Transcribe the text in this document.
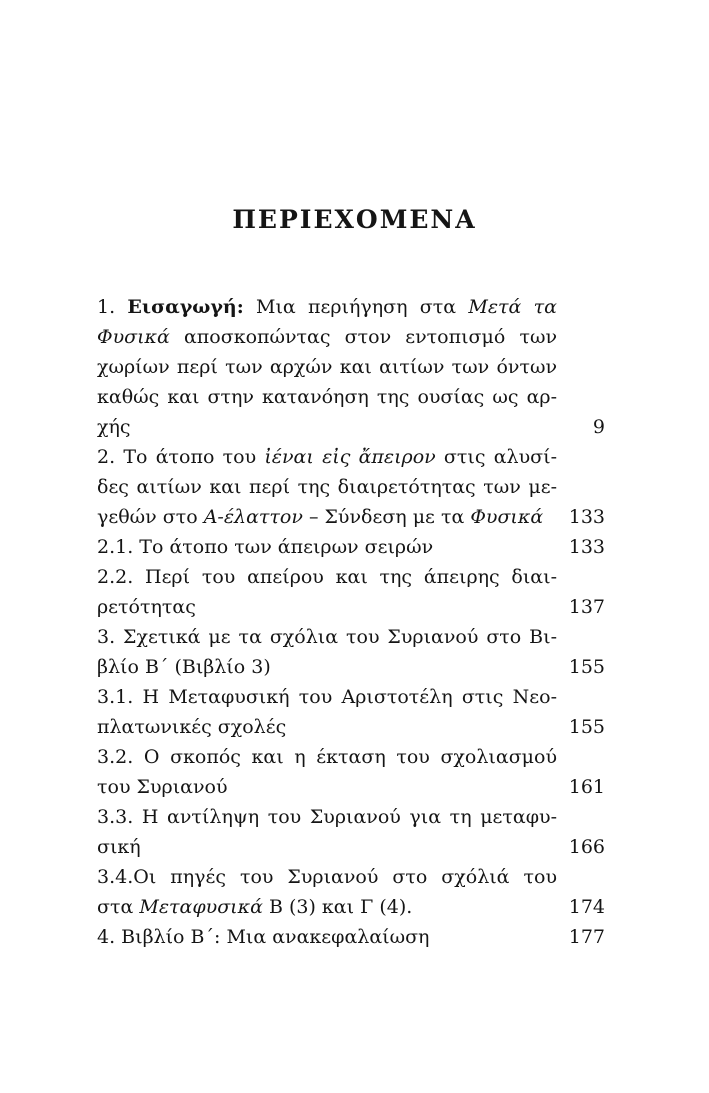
ΠΕΡΙΕΧΟΜΕΝΑ
1. Εισαγωγή: Μια περιήγηση στα Μετά τα
Φυσικά αποσκοπώντας στον εντοπισμό των
χωρίων περί των αρχών και αιτίων των όντων
καθώς και στην κατανόηση της ουσίας ως αρ-
χής	9
2. Το άτοπο του ἰέναι εἰς ἄπειρον στις αλυσί-
δες αιτίων και περί της διαιρετότητας των με-
γεθών στο Α-έλαττον – Σύνδεση με τα Φυσικά	133
2.1. Το άτοπο των άπειρων σειρών	133
2.2. Περί του απείρου και της άπειρης διαι-
ρετότητας	137
3. Σχετικά με τα σχόλια του Συριανού στο Βι-
βλίο Β´ (Βιβλίο 3)	155
3.1. Η Μεταφυσική του Αριστοτέλη στις Νεο-
πλατωνικές σχολές	155
3.2. Ο σκοπός και η έκταση του σχολιασμού
του Συριανού	161
3.3. Η αντίληψη του Συριανού για τη μεταφυ-
σική	166
3.4.Οι πηγές του Συριανού στο σχόλιά του
στα Μεταφυσικά Β (3) και Γ (4).	174
4. Βιβλίο Β´: Μια ανακεφαλαίωση	177
